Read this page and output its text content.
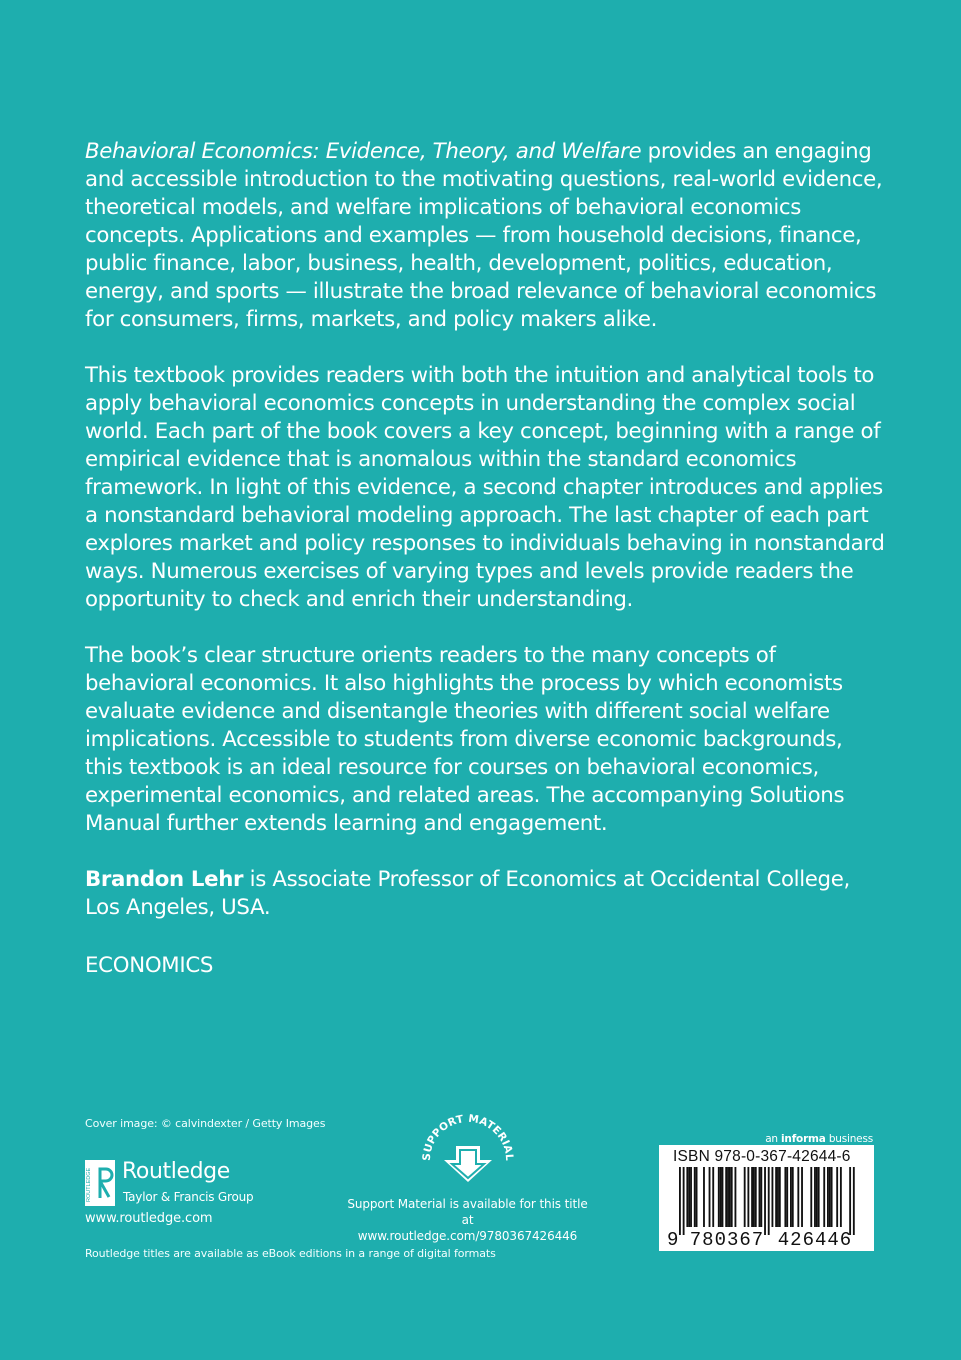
Behavioral Economics: Evidence, Theory, and Welfare provides an engaging and accessible introduction to the motivating questions, real-world evidence, theoretical models, and welfare implications of behavioral economics concepts. Applications and examples — from household decisions, finance, public finance, labor, business, health, development, politics, education, energy, and sports — illustrate the broad relevance of behavioral economics for consumers, firms, markets, and policy makers alike.

This textbook provides readers with both the intuition and analytical tools to apply behavioral economics concepts in understanding the complex social world. Each part of the book covers a key concept, beginning with a range of empirical evidence that is anomalous within the standard economics framework. In light of this evidence, a second chapter introduces and applies a nonstandard behavioral modeling approach. The last chapter of each part explores market and policy responses to individuals behaving in nonstandard ways. Numerous exercises of varying types and levels provide readers the opportunity to check and enrich their understanding.

The book’s clear structure orients readers to the many concepts of behavioral economics. It also highlights the process by which economists evaluate evidence and disentangle theories with different social welfare implications. Accessible to students from diverse economic backgrounds, this textbook is an ideal resource for courses on behavioral economics, experimental economics, and related areas. The accompanying Solutions Manual further extends learning and engagement.

Brandon Lehr is Associate Professor of Economics at Occidental College, Los Angeles, USA.

ECONOMICS
Cover image: © calvindexter / Getty Images
ROUTLEDGE Routledge
Taylor & Francis Group
www.routledge.com
Routledge titles are available as eBook editions in a range of digital formats
SUPPORT MATERIAL
Support Material is available for this title at
www.routledge.com/9780367426446
an informa business
ISBN 978-0-367-42644-6
9 780367 426446
